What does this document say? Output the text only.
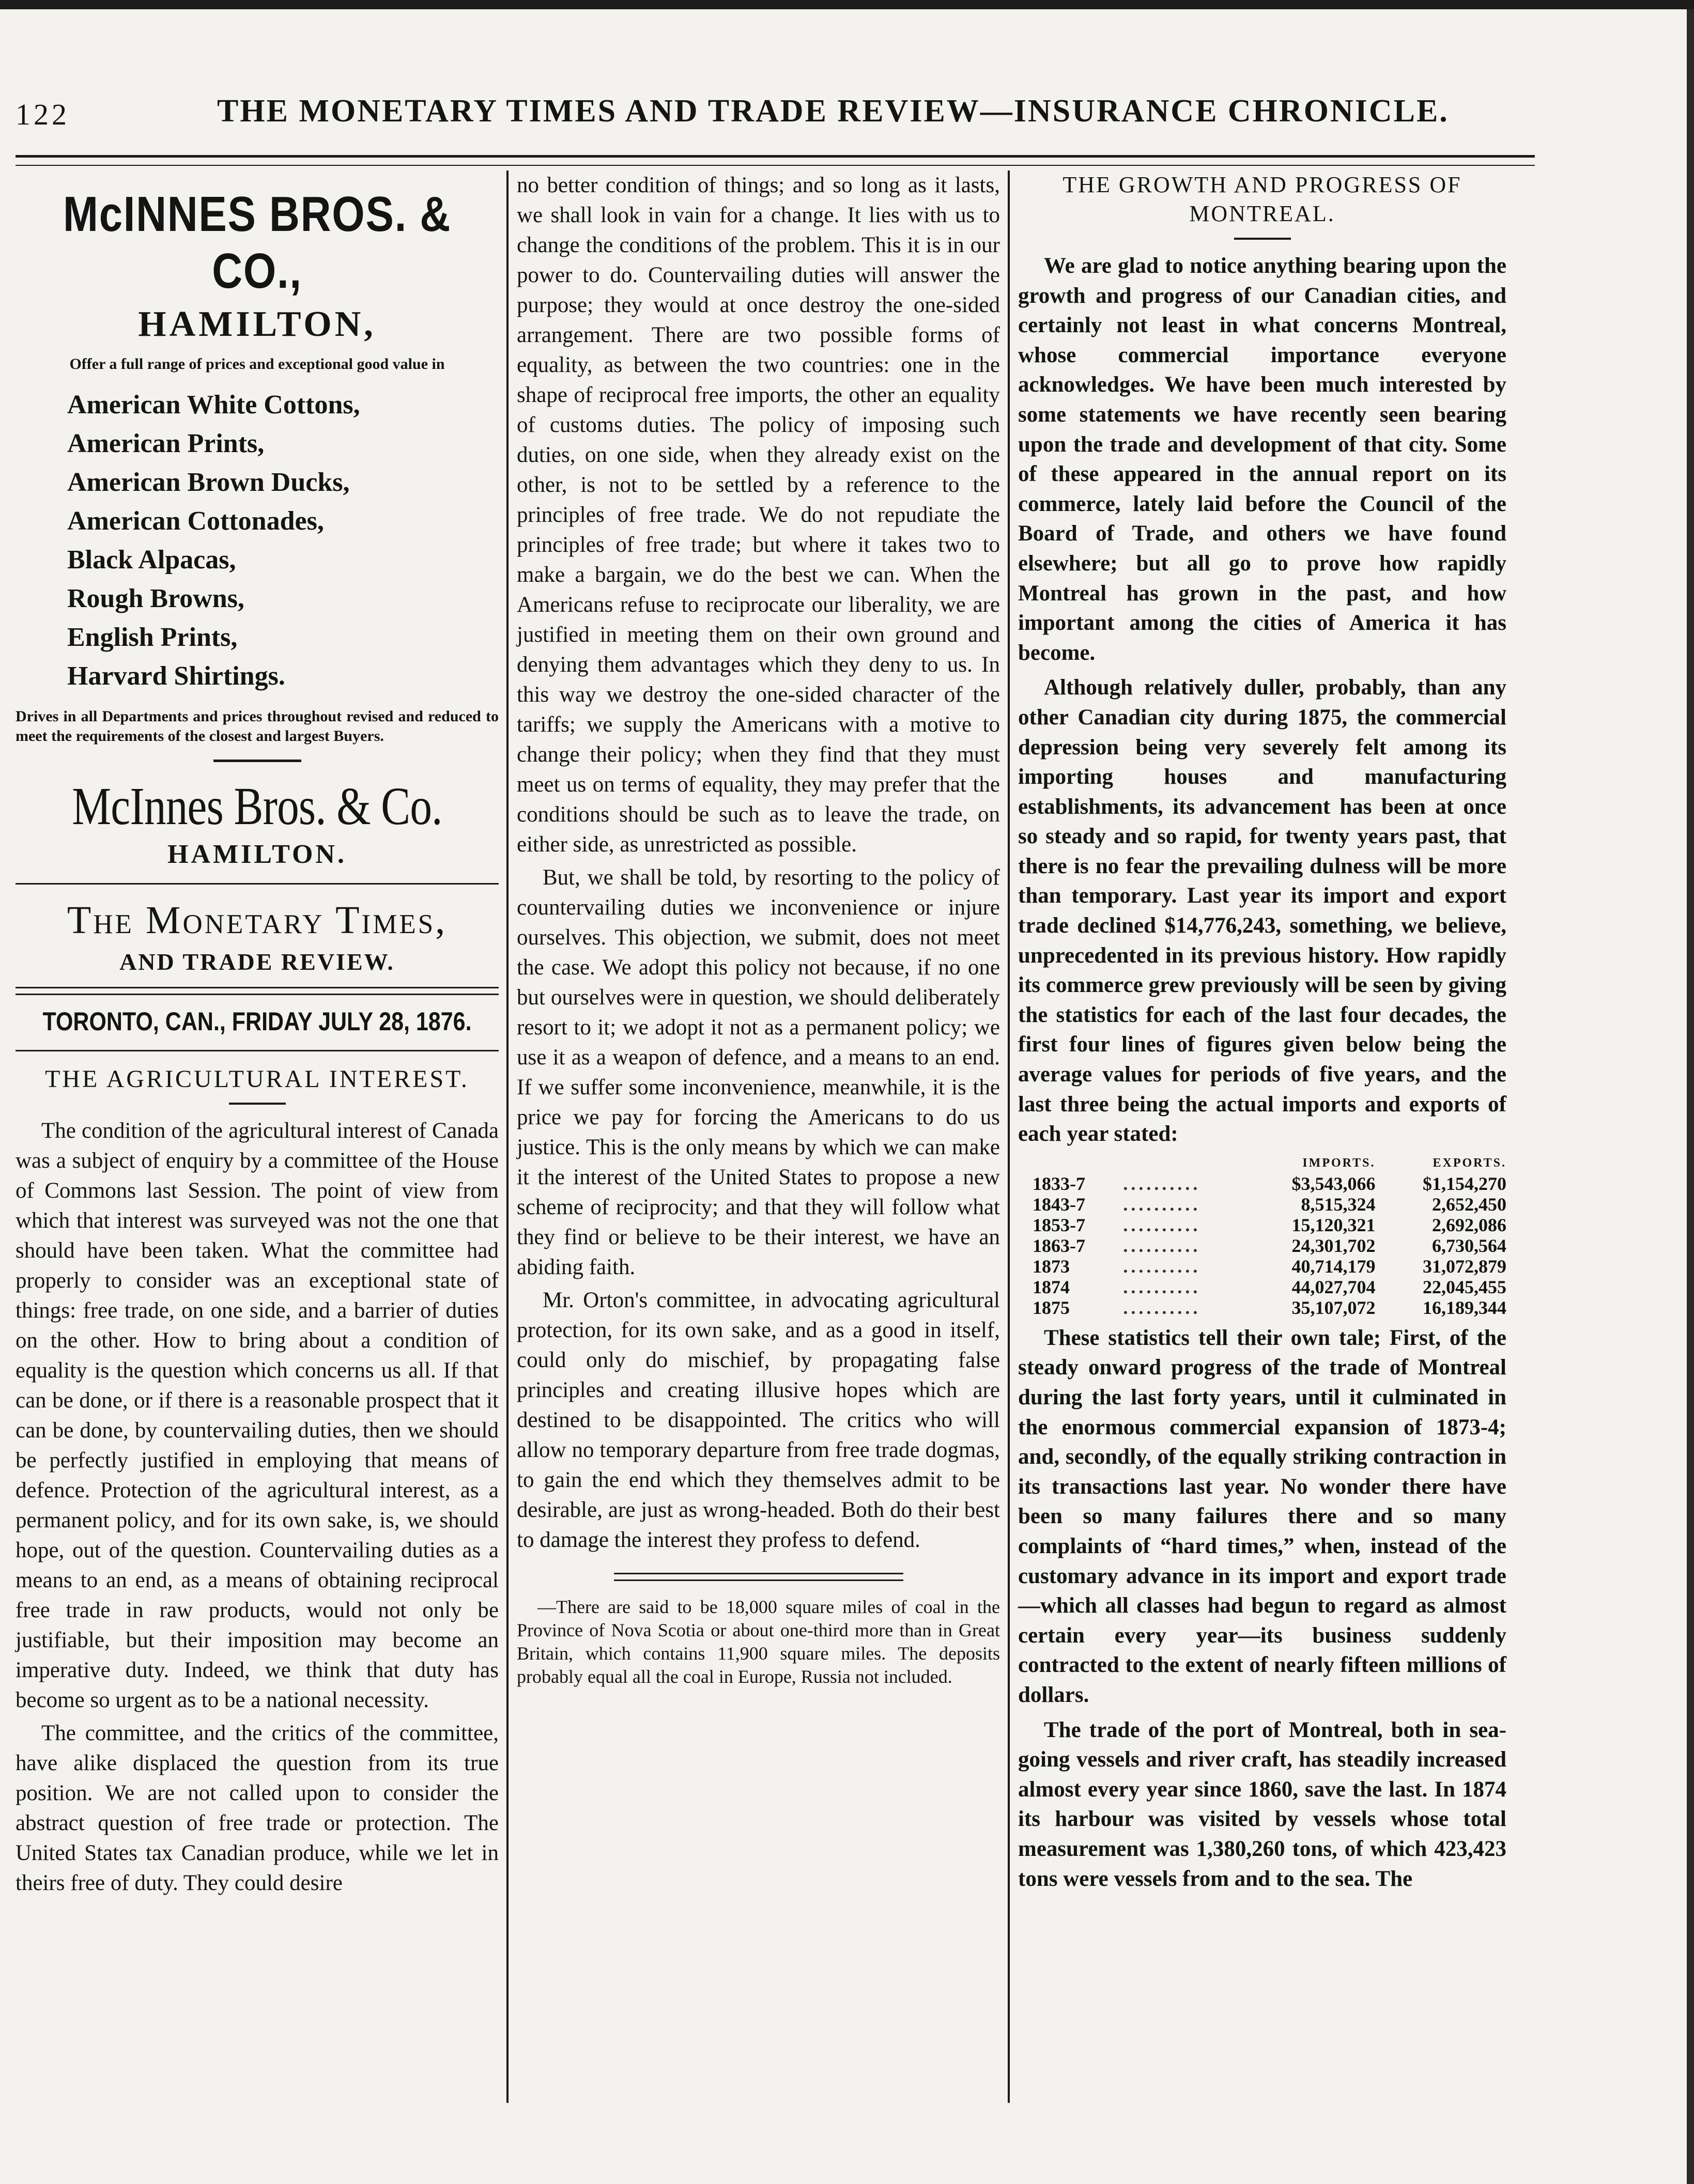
122	THE MONETARY TIMES AND TRADE REVIEW—INSURANCE CHRONICLE.
McINNES BROS. & CO.,
HAMILTON,
Offer a full range of prices and exceptional good value in
American White Cottons,
American Prints,
American Brown Ducks,
American Cottonades,
Black Alpacas,
Rough Browns,
English Prints,
Harvard Shirtings.
Drives in all Departments and prices throughout revised and reduced to meet the requirements of the closest and largest Buyers.
McInnes Bros. & Co.
HAMILTON.
The Monetary Times,
AND TRADE REVIEW.
TORONTO, CAN., FRIDAY JULY 28, 1876.
THE AGRICULTURAL INTEREST.

The condition of the agricultural interest of Canada was a subject of enquiry by a committee of the House of Commons last Session. The point of view from which that interest was surveyed was not the one that should have been taken. What the committee had properly to consider was an exceptional state of things: free trade, on one side, and a barrier of duties on the other. How to bring about a condition of equality is the question which concerns us all. If that can be done, or if there is a reasonable prospect that it can be done, by countervailing duties, then we should be perfectly justified in employing that means of defence. Protection of the agricultural interest, as a permanent policy, and for its own sake, is, we should hope, out of the question. Countervailing duties as a means to an end, as a means of obtaining reciprocal free trade in raw products, would not only be justifiable, but their imposition may become an imperative duty. Indeed, we think that duty has become so urgent as to be a national necessity.

The committee, and the critics of the committee, have alike displaced the question from its true position. We are not called upon to consider the abstract question of free trade or protection. The United States tax Canadian produce, while we let in theirs free of duty. They could desire

no better condition of things; and so long as it lasts, we shall look in vain for a change. It lies with us to change the conditions of the problem. This it is in our power to do. Countervailing duties will answer the purpose; they would at once destroy the one-sided arrangement. There are two possible forms of equality, as between the two countries: one in the shape of reciprocal free imports, the other an equality of customs duties. The policy of imposing such duties, on one side, when they already exist on the other, is not to be settled by a reference to the principles of free trade. We do not repudiate the principles of free trade; but where it takes two to make a bargain, we do the best we can. When the Americans refuse to reciprocate our liberality, we are justified in meeting them on their own ground and denying them advantages which they deny to us. In this way we destroy the one-sided character of the tariffs; we supply the Americans with a motive to change their policy; when they find that they must meet us on terms of equality, they may prefer that the conditions should be such as to leave the trade, on either side, as unrestricted as possible.

But, we shall be told, by resorting to the policy of countervailing duties we inconvenience or injure ourselves. This objection, we submit, does not meet the case. We adopt this policy not because, if no one but ourselves were in question, we should deliberately resort to it; we adopt it not as a permanent policy; we use it as a weapon of defence, and a means to an end. If we suffer some inconvenience, meanwhile, it is the price we pay for forcing the Americans to do us justice. This is the only means by which we can make it the interest of the United States to propose a new scheme of reciprocity; and that they will follow what they find or believe to be their interest, we have an abiding faith.

Mr. Orton's committee, in advocating agricultural protection, for its own sake, and as a good in itself, could only do mischief, by propagating false principles and creating illusive hopes which are destined to be disappointed. The critics who will allow no temporary departure from free trade dogmas, to gain the end which they themselves admit to be desirable, are just as wrong-headed. Both do their best to damage the interest they profess to defend.

—There are said to be 18,000 square miles of coal in the Province of Nova Scotia or about one-third more than in Great Britain, which contains 11,900 square miles. The deposits probably equal all the coal in Europe, Russia not included.

THE GROWTH AND PROGRESS OF MONTREAL.

We are glad to notice anything bearing upon the growth and progress of our Canadian cities, and certainly not least in what concerns Montreal, whose commercial importance everyone acknowledges. We have been much interested by some statements we have recently seen bearing upon the trade and development of that city. Some of these appeared in the annual report on its commerce, lately laid before the Council of the Board of Trade, and others we have found elsewhere; but all go to prove how rapidly Montreal has grown in the past, and how important among the cities of America it has become.

Although relatively duller, probably, than any other Canadian city during 1875, the commercial depression being very severely felt among its importing houses and manufacturing establishments, its advancement has been at once so steady and so rapid, for twenty years past, that there is no fear the prevailing dulness will be more than temporary. Last year its import and export trade declined $14,776,243, something, we believe, unprecedented in its previous history. How rapidly its commerce grew previously will be seen by giving the statistics for each of the last four decades, the first four lines of figures given below being the average values for periods of five years, and the last three being the actual imports and exports of each year stated:

		IMPORTS.	EXPORTS.
1833-7	..........	$3,543,066	$1,154,270
1843-7	..........	8,515,324	2,652,450
1853-7	..........	15,120,321	2,692,086
1863-7	..........	24,301,702	6,730,564
1873	..........	40,714,179	31,072,879
1874	..........	44,027,704	22,045,455
1875	..........	35,107,072	16,189,344

These statistics tell their own tale; First, of the steady onward progress of the trade of Montreal during the last forty years, until it culminated in the enormous commercial expansion of 1873-4; and, secondly, of the equally striking contraction in its transactions last year. No wonder there have been so many failures there and so many complaints of “hard times,” when, instead of the customary advance in its import and export trade—which all classes had begun to regard as almost certain every year—its business suddenly contracted to the extent of nearly fifteen millions of dollars.

The trade of the port of Montreal, both in sea-going vessels and river craft, has steadily increased almost every year since 1860, save the last. In 1874 its harbour was visited by vessels whose total measurement was 1,380,260 tons, of which 423,423 tons were vessels from and to the sea. The
